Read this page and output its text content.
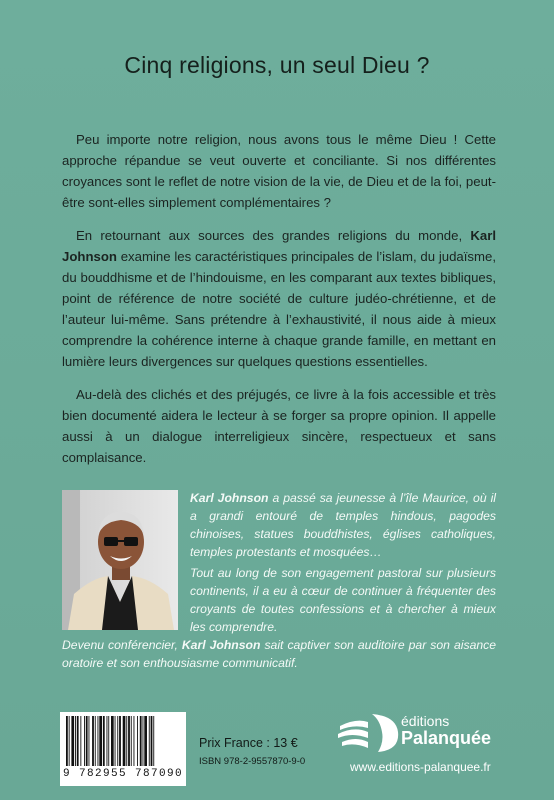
Cinq religions, un seul Dieu ?

Peu importe notre religion, nous avons tous le même Dieu ! Cette approche répandue se veut ouverte et conciliante. Si nos différentes croyances sont le reflet de notre vision de la vie, de Dieu et de la foi, peut-être sont-elles simplement complémentaires ?

En retournant aux sources des grandes religions du monde, Karl Johnson examine les caractéristiques principales de l’islam, du judaïsme, du bouddhisme et de l’hindouisme, en les comparant aux textes bibliques, point de référence de notre société de culture judéo-chrétienne, et de l’auteur lui-même. Sans prétendre à l’exhaustivité, il nous aide à mieux comprendre la cohérence interne à chaque grande famille, en mettant en lumière leurs divergences sur quelques questions essentielles.

Au-delà des clichés et des préjugés, ce livre à la fois accessible et très bien documenté aidera le lecteur à se forger sa propre opinion. Il appelle aussi à un dialogue interreligieux sincère, respectueux et sans complaisance.

Karl Johnson a passé sa jeunesse à l’île Maurice, où il a grandi entouré de temples hindous, pagodes chinoises, statues bouddhistes, églises catholiques, temples protestants et mosquées…

Tout au long de son engagement pastoral sur plusieurs continents, il a eu à cœur de continuer à fréquenter des croyants de toutes confessions et à chercher à mieux les comprendre.

Devenu conférencier, Karl Johnson sait captiver son auditoire par son aisance oratoire et son enthousiasme communicatif.

9 782955 787090
Prix France : 13 €
ISBN 978-2-9557870-9-0
éditions
Palanquée
www.editions-palanquee.fr
